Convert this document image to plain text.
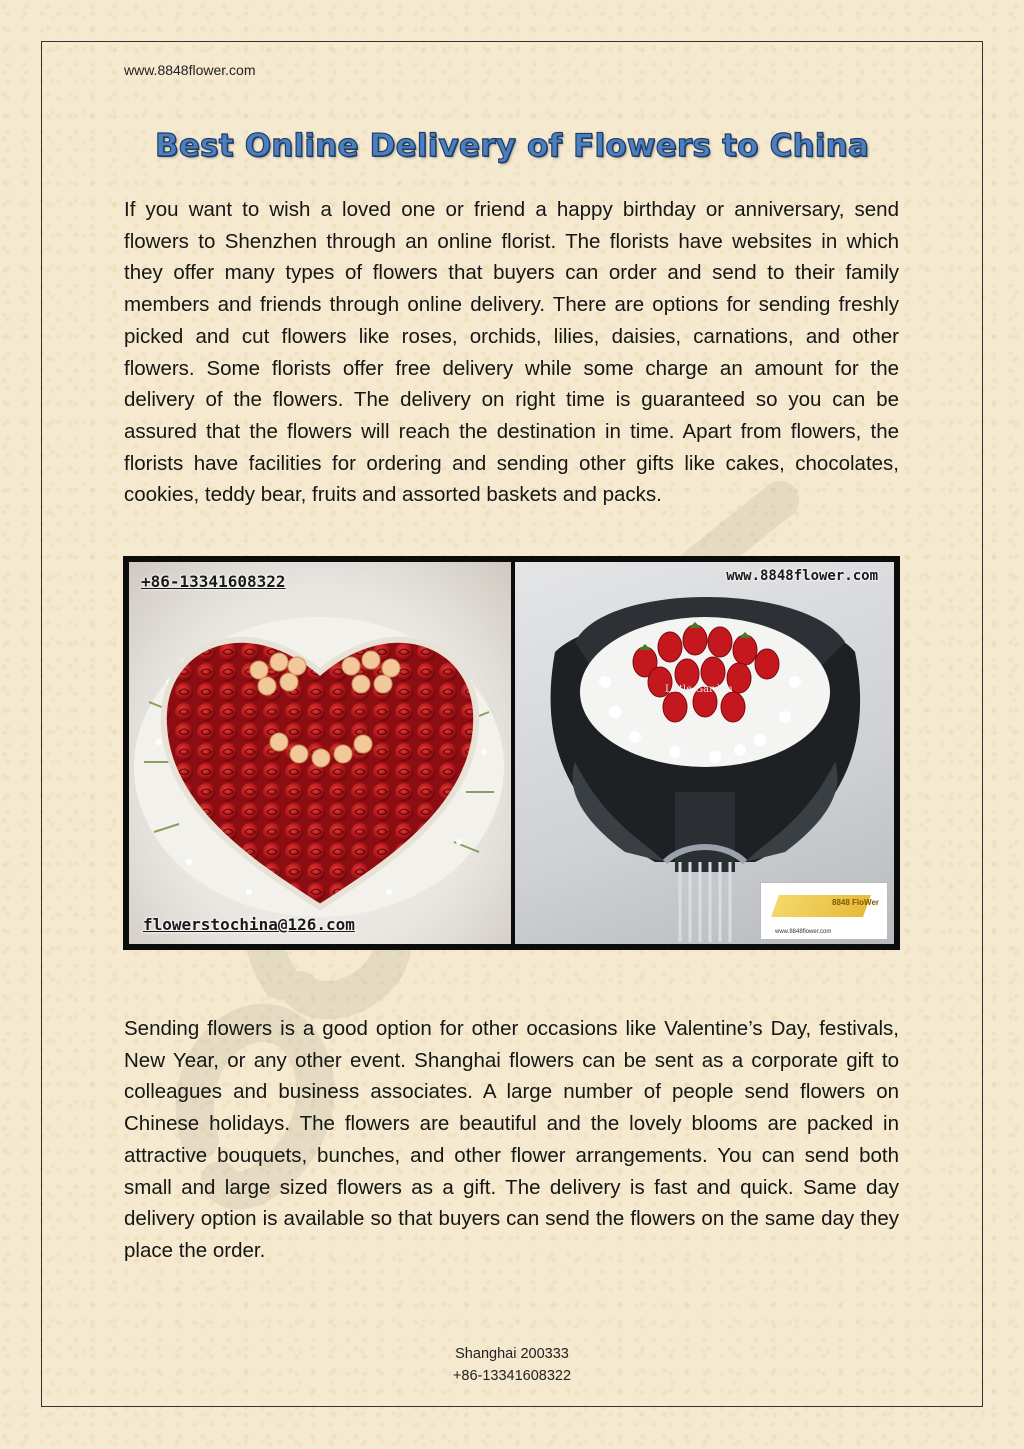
www.8848flower.com
Best Online Delivery of Flowers to China

If you want to wish a loved one or friend a happy birthday or anniversary, send flowers to Shenzhen through an online florist. The florists have websites in which they offer many types of flowers that buyers can order and send to their family members and friends through online delivery. There are options for sending freshly picked and cut flowers like roses, orchids, lilies, daisies, carnations, and other flowers. Some florists offer free delivery while some charge an amount for the delivery of the flowers. The delivery on right time is guaranteed so you can be assured that the flowers will reach the destination in time. Apart from flowers, the florists have facilities for ordering and sending other gifts like cakes, chocolates, cookies, teddy bear, fruits and assorted baskets and packs.

+86-13341608322
flowerstochina@126.com
Little Garden
www.8848flower.com
8848 FloWer
www.8848flower.com

Sending flowers is a good option for other occasions like Valentine’s Day, festivals, New Year, or any other event. Shanghai flowers can be sent as a corporate gift to colleagues and business associates. A large number of people send flowers on Chinese holidays. The flowers are beautiful and the lovely blooms are packed in attractive bouquets, bunches, and other flower arrangements. You can send both small and large sized flowers as a gift. The delivery is fast and quick. Same day delivery option is available so that buyers can send the flowers on the same day they place the order.

Shanghai 200333
+86-13341608322
